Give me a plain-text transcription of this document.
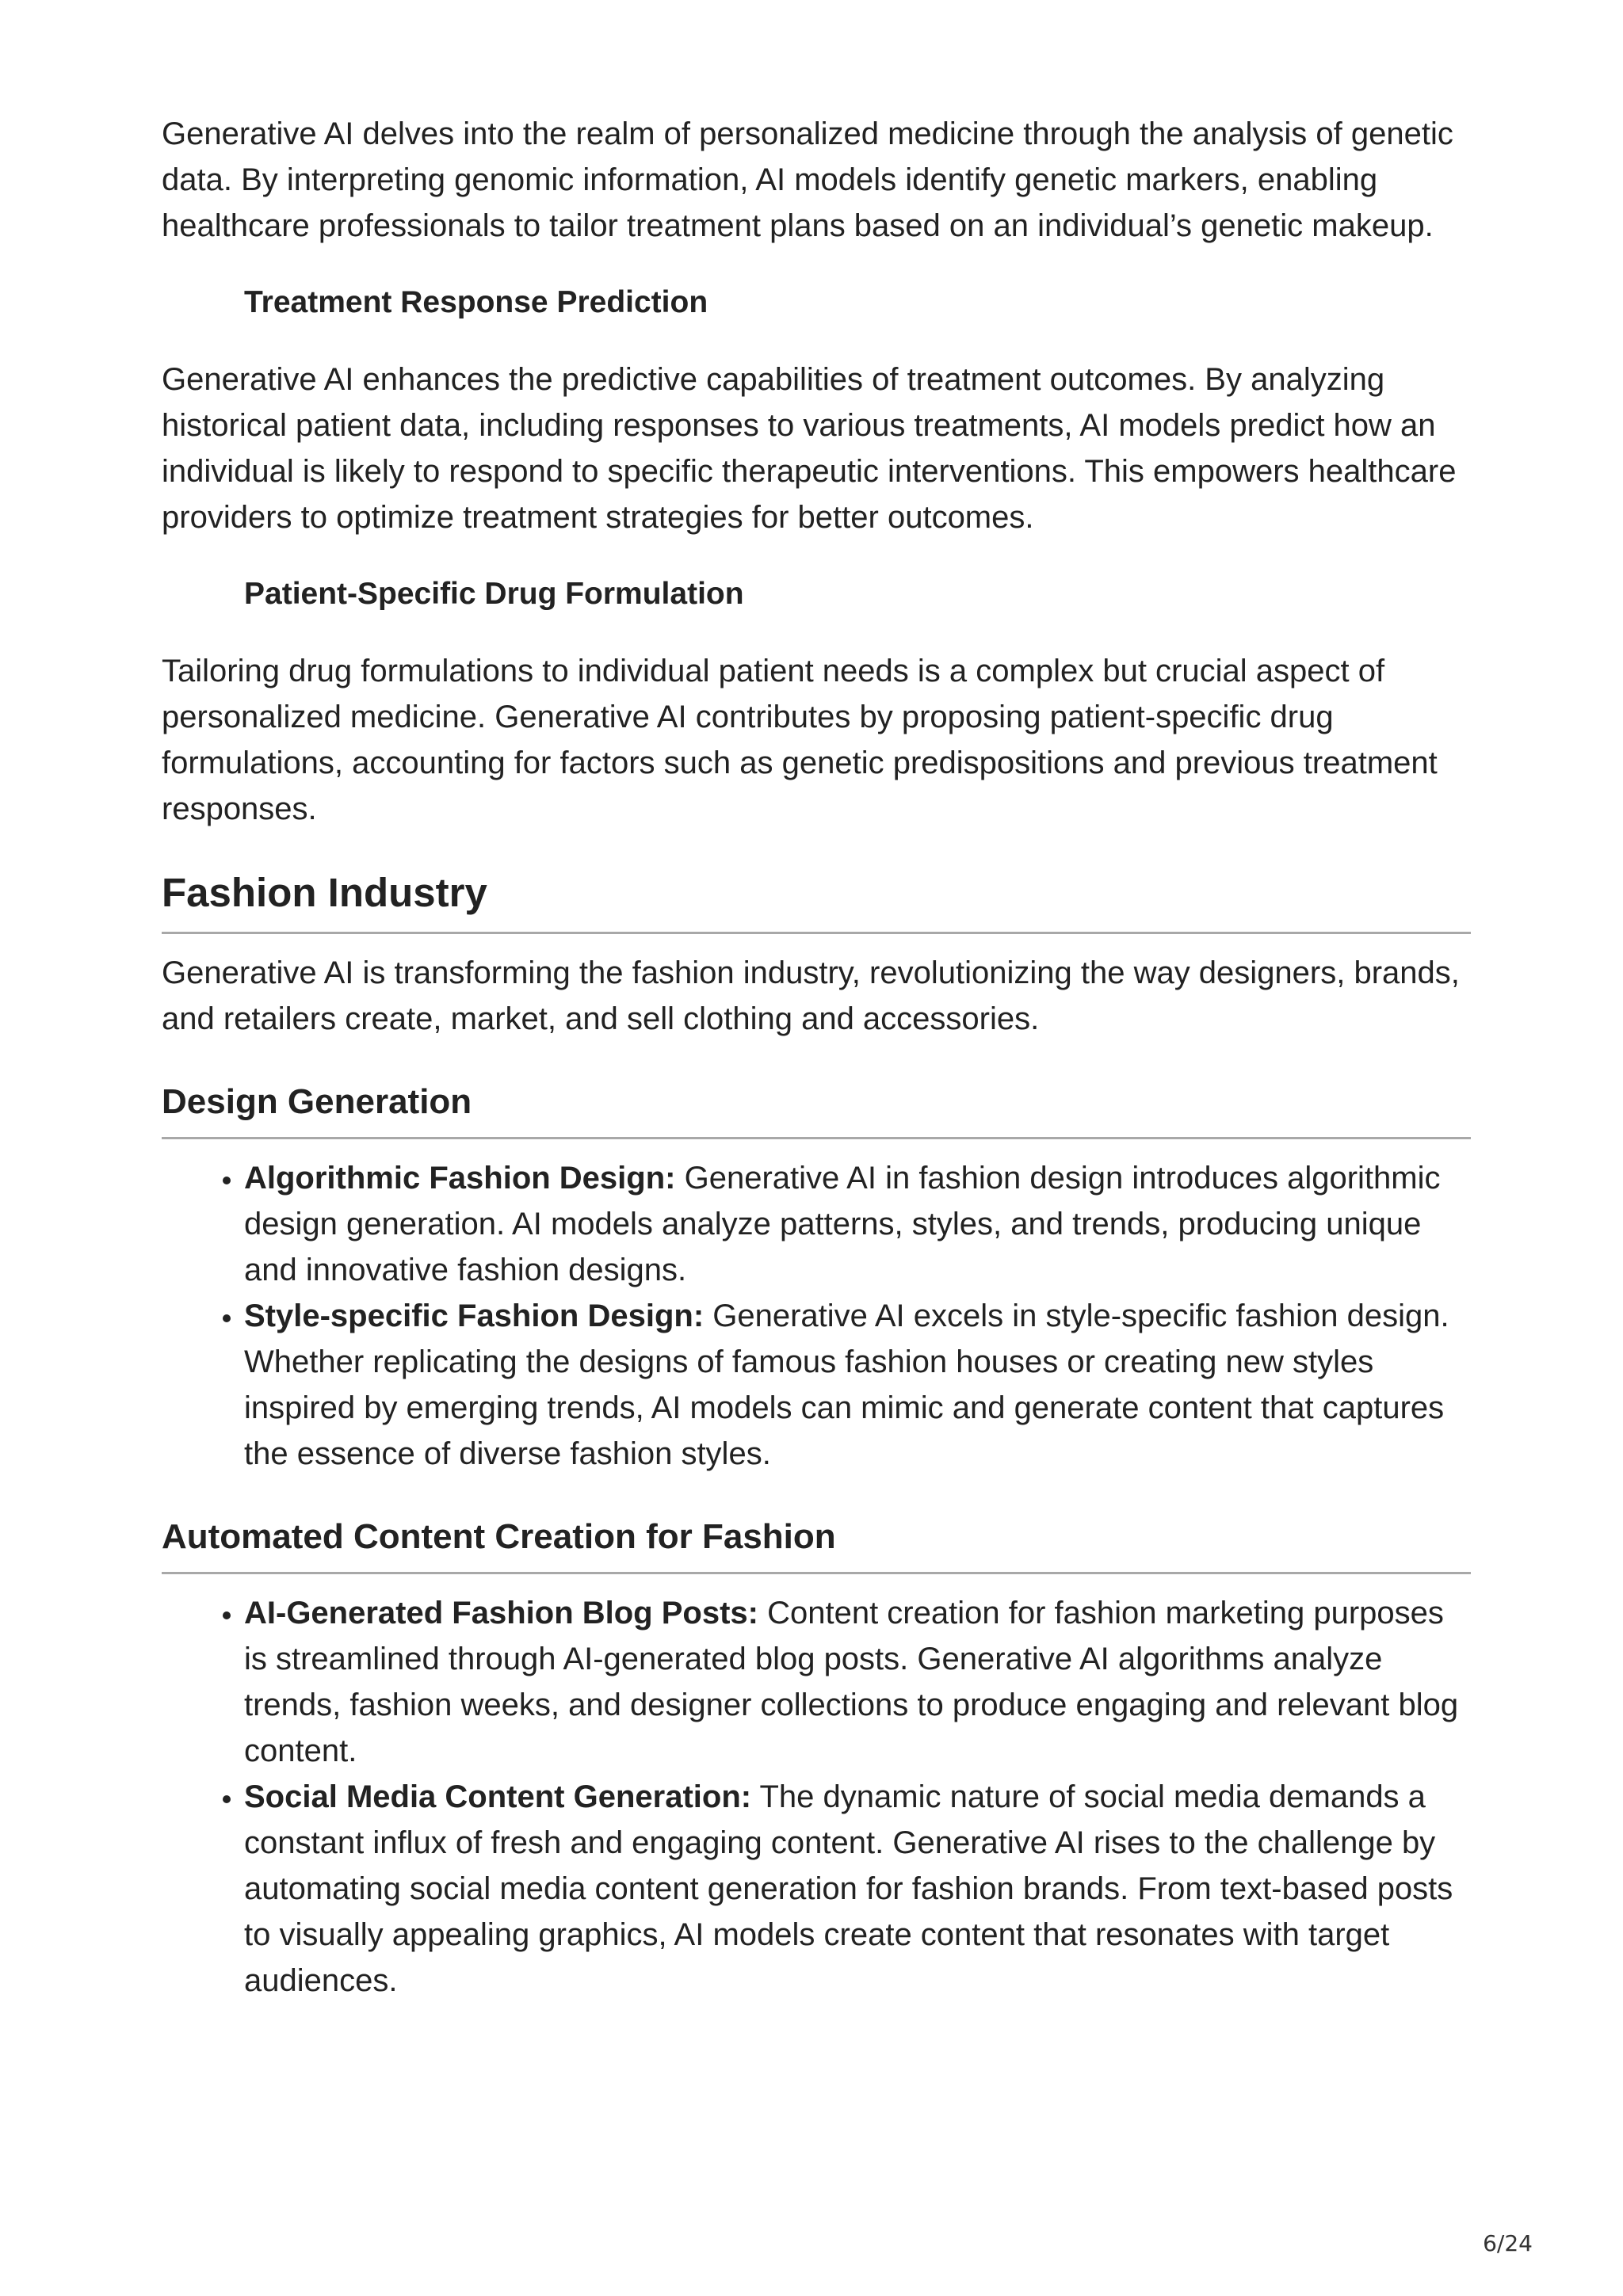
Generative AI delves into the realm of personalized medicine through the analysis of genetic data. By interpreting genomic information, AI models identify genetic markers, enabling healthcare professionals to tailor treatment plans based on an individual’s genetic makeup.

Treatment Response Prediction

Generative AI enhances the predictive capabilities of treatment outcomes. By analyzing historical patient data, including responses to various treatments, AI models predict how an individual is likely to respond to specific therapeutic interventions. This empowers healthcare providers to optimize treatment strategies for better outcomes.

Patient-Specific Drug Formulation

Tailoring drug formulations to individual patient needs is a complex but crucial aspect of personalized medicine. Generative AI contributes by proposing patient-specific drug formulations, accounting for factors such as genetic predispositions and previous treatment responses.

Fashion Industry

Generative AI is transforming the fashion industry, revolutionizing the way designers, brands, and retailers create, market, and sell clothing and accessories.

Design Generation
• Algorithmic Fashion Design: Generative AI in fashion design introduces algorithmic design generation. AI models analyze patterns, styles, and trends, producing unique and innovative fashion designs.
• Style-specific Fashion Design: Generative AI excels in style-specific fashion design. Whether replicating the designs of famous fashion houses or creating new styles inspired by emerging trends, AI models can mimic and generate content that captures the essence of diverse fashion styles.
Automated Content Creation for Fashion
• AI-Generated Fashion Blog Posts: Content creation for fashion marketing purposes is streamlined through AI-generated blog posts. Generative AI algorithms analyze trends, fashion weeks, and designer collections to produce engaging and relevant blog content.
• Social Media Content Generation: The dynamic nature of social media demands a constant influx of fresh and engaging content. Generative AI rises to the challenge by automating social media content generation for fashion brands. From text-based posts to visually appealing graphics, AI models create content that resonates with target audiences.
6/24
